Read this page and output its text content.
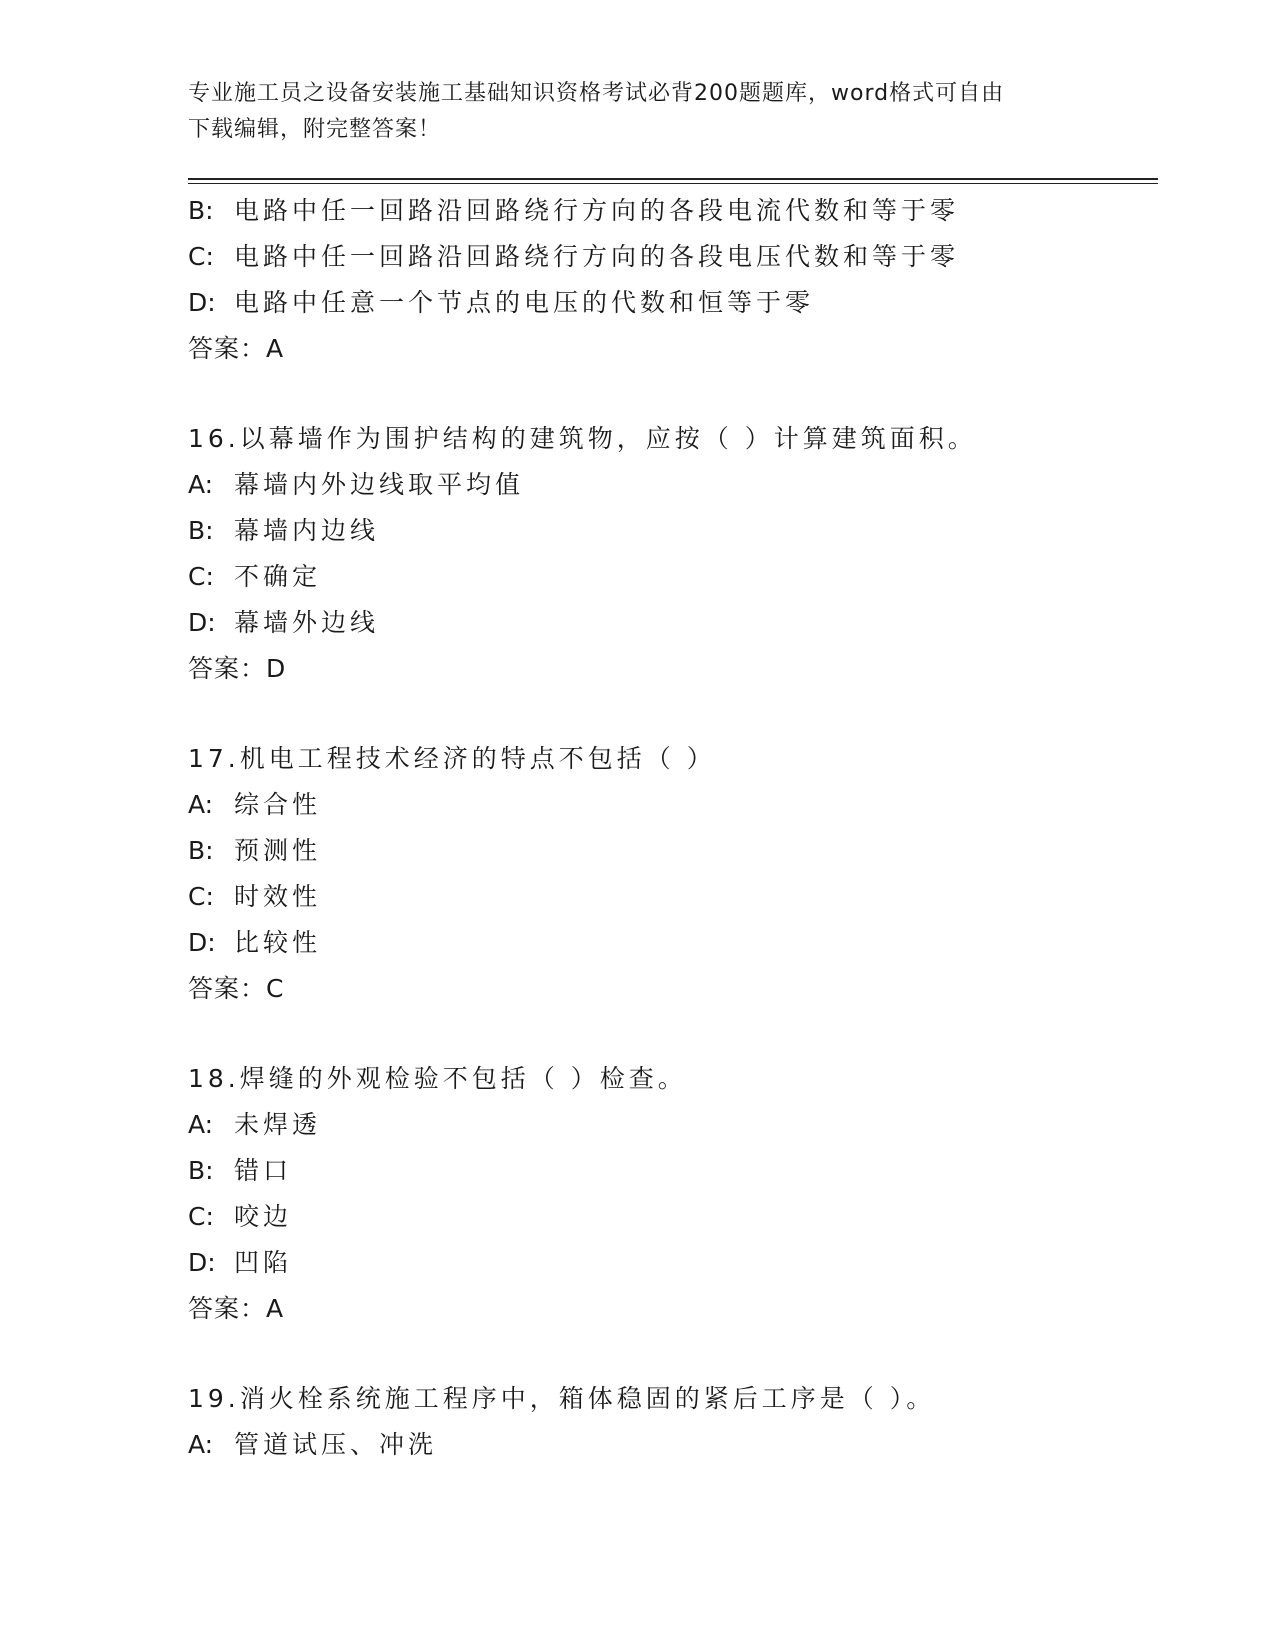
专业施工员之设备安装施工基础知识资格考试必背200题题库，word格式可自由
下载编辑，附完整答案！
B: 电路中任一回路沿回路绕行方向的各段电流代数和等于零
C: 电路中任一回路沿回路绕行方向的各段电压代数和等于零
D: 电路中任意一个节点的电压的代数和恒等于零
答案：A
16.以幕墙作为围护结构的建筑物，应按（ ）计算建筑面积。
A: 幕墙内外边线取平均值
B: 幕墙内边线
C: 不确定
D: 幕墙外边线
答案：D
17.机电工程技术经济的特点不包括（ ）
A: 综合性
B: 预测性
C: 时效性
D: 比较性
答案：C
18.焊缝的外观检验不包括（ ）检查。
A: 未焊透
B: 错口
C: 咬边
D: 凹陷
答案：A
19.消火栓系统施工程序中，箱体稳固的紧后工序是（ ）。
A: 管道试压、冲洗
